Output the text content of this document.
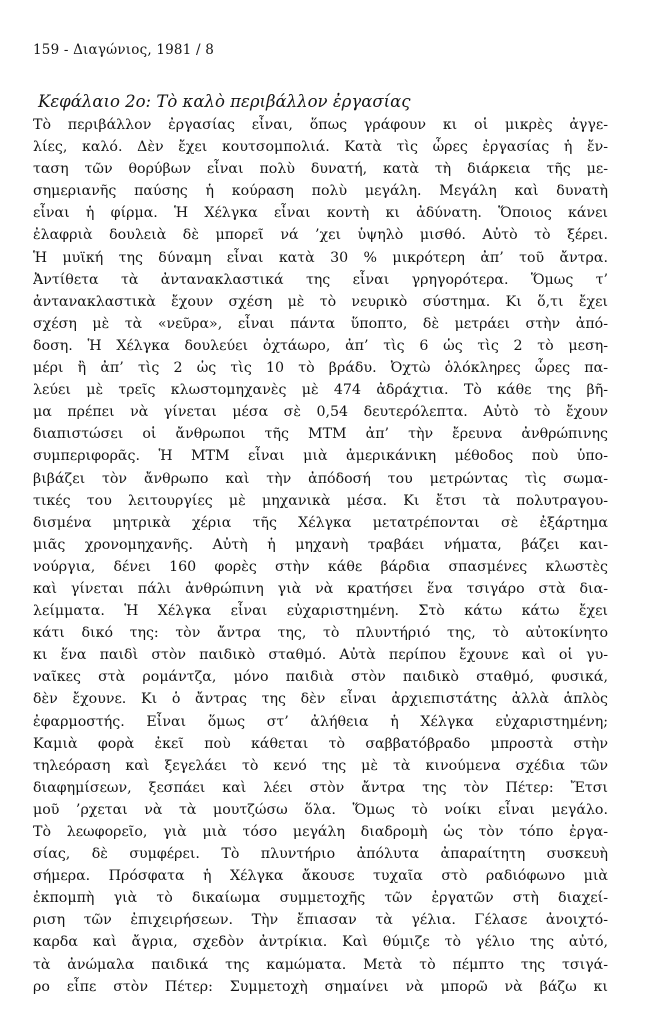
159 - Διαγώνιος, 1981 / 8
Κεφάλαιο 2ο: Τὸ καλὸ περιβάλλον ἐργασίας
Τὸ περιβάλλον ἐργασίας εἶναι, ὅπως γράφουν κι οἱ μικρὲς ἀγγε-
λίες, καλό. Δὲν ἔχει κουτσομπολιά. Κατὰ τὶς ὧρες ἐργασίας ἡ ἔν-
ταση τῶν θορύβων εἶναι πολὺ δυνατή, κατὰ τὴ διάρκεια τῆς με-
σημεριανῆς παύσης ἡ κούραση πολὺ μεγάλη. Μεγάλη καὶ δυνατὴ
εἶναι ἡ φίρμα. Ἡ Χέλγκα εἶναι κοντὴ κι ἀδύνατη. Ὅποιος κάνει
ἐλαφριὰ δουλειὰ δὲ μπορεῖ νά ’χει ὑψηλὸ μισθό. Αὐτὸ τὸ ξέρει.
Ἡ μυϊκή της δύναμη εἶναι κατὰ 30 % μικρότερη ἀπ’ τοῦ ἄντρα.
Ἀντίθετα τὰ ἀντανακλαστικά της εἶναι γρηγορότερα. Ὅμως τ’
ἀντανακλαστικὰ ἔχουν σχέση μὲ τὸ νευρικὸ σύστημα. Κι ὅ,τι ἔχει
σχέση μὲ τὰ «νεῦρα», εἶναι πάντα ὕποπτο, δὲ μετράει στὴν ἀπό-
δοση. Ἡ Χέλγκα δουλεύει ὀχτάωρο, ἀπ’ τὶς 6 ὡς τὶς 2 τὸ μεση-
μέρι ἢ ἀπ’ τὶς 2 ὡς τὶς 10 τὸ βράδυ. Ὀχτὼ ὁλόκληρες ὧρες πα-
λεύει μὲ τρεῖς κλωστομηχανὲς μὲ 474 ἀδράχτια. Τὸ κάθε της βῆ-
μα πρέπει νὰ γίνεται μέσα σὲ 0,54 δευτερόλεπτα. Αὐτὸ τὸ ἔχουν
διαπιστώσει οἱ ἄνθρωποι τῆς ΜΤΜ ἀπ’ τὴν ἔρευνα ἀνθρώπινης
συμπεριφορᾶς. Ἡ ΜΤΜ εἶναι μιὰ ἀμερικάνικη μέθοδος ποὺ ὑπο-
βιβάζει τὸν ἄνθρωπο καὶ τὴν ἀπόδοσή του μετρώντας τὶς σωμα-
τικές του λειτουργίες μὲ μηχανικὰ μέσα. Κι ἔτσι τὰ πολυτραγου-
δισμένα μητρικὰ χέρια τῆς Χέλγκα μετατρέπονται σὲ ἐξάρτημα
μιᾶς χρονομηχανῆς. Αὐτὴ ἡ μηχανὴ τραβάει νήματα, βάζει και-
νούργια, δένει 160 φορὲς στὴν κάθε βάρδια σπασμένες κλωστὲς
καὶ γίνεται πάλι ἀνθρώπινη γιὰ νὰ κρατήσει ἕνα τσιγάρο στὰ δια-
λείμματα. Ἡ Χέλγκα εἶναι εὐχαριστημένη. Στὸ κάτω κάτω ἔχει
κάτι δικό της: τὸν ἄντρα της, τὸ πλυντήριό της, τὸ αὐτοκίνητο
κι ἕνα παιδὶ στὸν παιδικὸ σταθμό. Αὐτὰ περίπου ἔχουνε καὶ οἱ γυ-
ναῖκες στὰ ρομάντζα, μόνο παιδιὰ στὸν παιδικὸ σταθμό, φυσικά,
δὲν ἔχουνε. Κι ὁ ἄντρας της δὲν εἶναι ἀρχιεπιστάτης ἀλλὰ ἁπλὸς
ἐφαρμοστής. Εἶναι ὅμως στ’ ἀλήθεια ἡ Χέλγκα εὐχαριστημένη;
Καμιὰ φορὰ ἐκεῖ ποὺ κάθεται τὸ σαββατόβραδο μπροστὰ στὴν
τηλεόραση καὶ ξεγελάει τὸ κενό της μὲ τὰ κινούμενα σχέδια τῶν
διαφημίσεων, ξεσπάει καὶ λέει στὸν ἄντρα της τὸν Πέτερ: Ἔτσι
μοῦ ’ρχεται νὰ τὰ μουτζώσω ὅλα. Ὅμως τὸ νοίκι εἶναι μεγάλο.
Τὸ λεωφορεῖο, γιὰ μιὰ τόσο μεγάλη διαδρομὴ ὡς τὸν τόπο ἐργα-
σίας, δὲ συμφέρει. Τὸ πλυντήριο ἀπόλυτα ἀπαραίτητη συσκευὴ
σήμερα. Πρόσφατα ἡ Χέλγκα ἄκουσε τυχαῖα στὸ ραδιόφωνο μιὰ
ἐκπομπὴ γιὰ τὸ δικαίωμα συμμετοχῆς τῶν ἐργατῶν στὴ διαχεί-
ριση τῶν ἐπιχειρήσεων. Τὴν ἔπιασαν τὰ γέλια. Γέλασε ἀνοιχτό-
καρδα καὶ ἄγρια, σχεδὸν ἀντρίκια. Καὶ θύμιζε τὸ γέλιο της αὐτό,
τὰ ἀνώμαλα παιδικά της καμώματα. Μετὰ τὸ πέμπτο της τσιγά-
ρο εἶπε στὸν Πέτερ: Συμμετοχὴ σημαίνει νὰ μπορῶ νὰ βάζω κι
